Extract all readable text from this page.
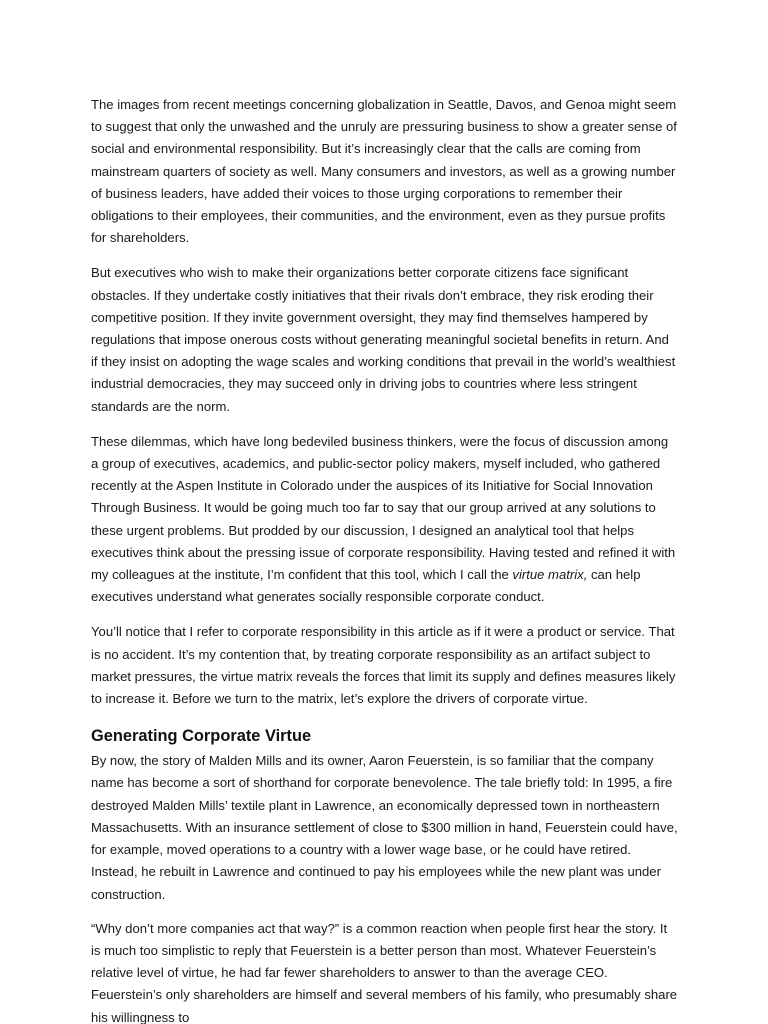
The images from recent meetings concerning globalization in Seattle, Davos, and Genoa might seem to suggest that only the unwashed and the unruly are pressuring business to show a greater sense of social and environmental responsibility. But it’s increasingly clear that the calls are coming from mainstream quarters of society as well. Many consumers and investors, as well as a growing number of business leaders, have added their voices to those urging corporations to remember their obligations to their employees, their communities, and the environment, even as they pursue profits for shareholders.

But executives who wish to make their organizations better corporate citizens face significant obstacles. If they undertake costly initiatives that their rivals don’t embrace, they risk eroding their competitive position. If they invite government oversight, they may find themselves hampered by regulations that impose onerous costs without generating meaningful societal benefits in return. And if they insist on adopting the wage scales and working conditions that prevail in the world’s wealthiest industrial democracies, they may succeed only in driving jobs to countries where less stringent standards are the norm.

These dilemmas, which have long bedeviled business thinkers, were the focus of discussion among a group of executives, academics, and public-sector policy makers, myself included, who gathered recently at the Aspen Institute in Colorado under the auspices of its Initiative for Social Innovation Through Business. It would be going much too far to say that our group arrived at any solutions to these urgent problems. But prodded by our discussion, I designed an analytical tool that helps executives think about the pressing issue of corporate responsibility. Having tested and refined it with my colleagues at the institute, I’m confident that this tool, which I call the virtue matrix, can help executives understand what generates socially responsible corporate conduct.

You’ll notice that I refer to corporate responsibility in this article as if it were a product or service. That is no accident. It’s my contention that, by treating corporate responsibility as an artifact subject to market pressures, the virtue matrix reveals the forces that limit its supply and defines measures likely to increase it. Before we turn to the matrix, let’s explore the drivers of corporate virtue.

Generating Corporate Virtue

By now, the story of Malden Mills and its owner, Aaron Feuerstein, is so familiar that the company name has become a sort of shorthand for corporate benevolence. The tale briefly told: In 1995, a fire destroyed Malden Mills’ textile plant in Lawrence, an economically depressed town in northeastern Massachusetts. With an insurance settlement of close to $300 million in hand, Feuerstein could have, for example, moved operations to a country with a lower wage base, or he could have retired. Instead, he rebuilt in Lawrence and continued to pay his employees while the new plant was under construction.

“Why don’t more companies act that way?” is a common reaction when people first hear the story. It is much too simplistic to reply that Feuerstein is a better person than most. Whatever Feuerstein’s relative level of virtue, he had far fewer shareholders to answer to than the average CEO. Feuerstein’s only shareholders are himself and several members of his family, who presumably share his willingness to
